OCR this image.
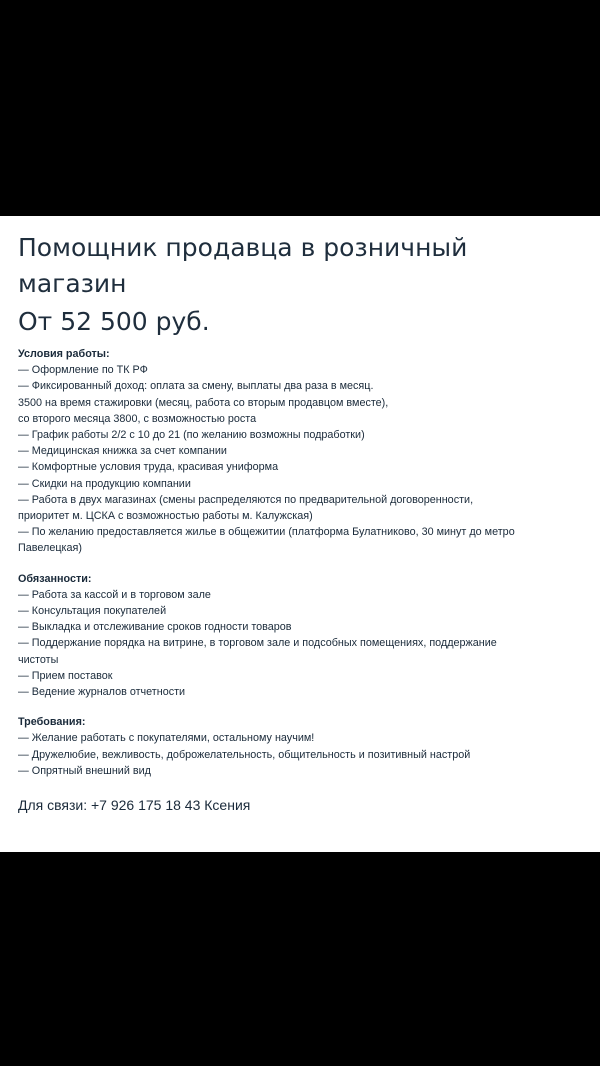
Помощник продавца в розничный
магазин
От 52 500 руб.

Условия работы:

— Оформление по ТК РФ

— Фиксированный доход: оплата за смену, выплаты два раза в месяц.

3500 на время стажировки (месяц, работа со вторым продавцом вместе),

со второго месяца 3800, с возможностью роста

— График работы 2/2 с 10 до 21 (по желанию возможны подработки)

— Медицинская книжка за счет компании

— Комфортные условия труда, красивая униформа

— Скидки на продукцию компании

— Работа в двух магазинах (смены распределяются по предварительной договоренности,

приоритет м. ЦСКА с возможностью работы м. Калужская)

— По желанию предоставляется жилье в общежитии (платформа Булатниково, 30 минут до метро

Павелецкая)

Обязанности:

— Работа за кассой и в торговом зале

— Консультация покупателей

— Выкладка и отслеживание сроков годности товаров

— Поддержание порядка на витрине, в торговом зале и подсобных помещениях, поддержание

чистоты

— Прием поставок

— Ведение журналов отчетности

Требования:

— Желание работать с покупателями, остальному научим!

— Дружелюбие, вежливость, доброжелательность, общительность и позитивный настрой

— Опрятный внешний вид

Для связи: +7 926 175 18 43 Ксения
